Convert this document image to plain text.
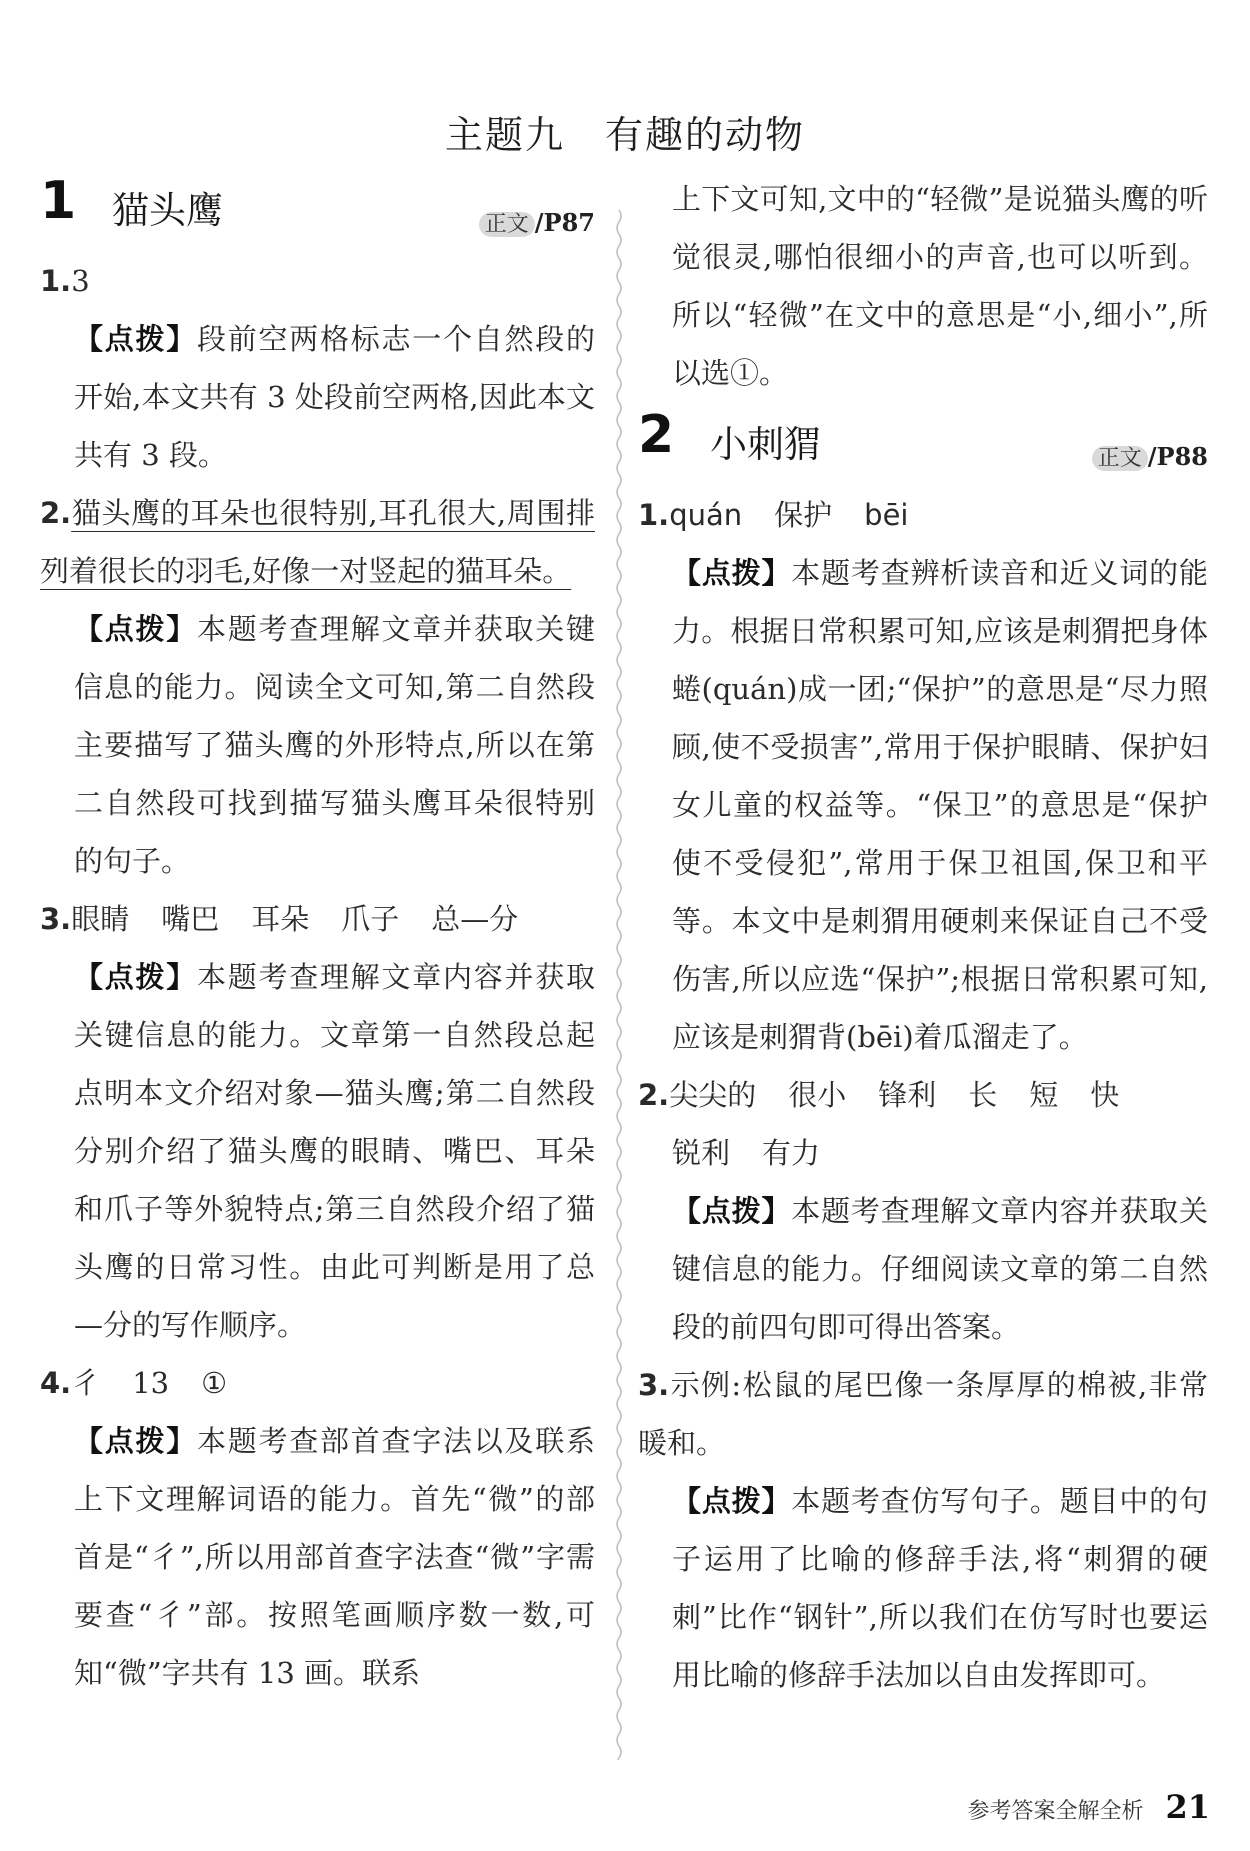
主题九 有趣的动物
1 猫头鹰	正文 /P87

1.3

【点拨】段前空两格标志一个自然段的开始,本文共有 3 处段前空两格,因此本文共有 3 段。

2.猫头鹰的耳朵也很特别,耳孔很大,周围排列着很长的羽毛,好像一对竖起的猫耳朵。

【点拨】本题考查理解文章并获取关键信息的能力。阅读全文可知,第二自然段主要描写了猫头鹰的外形特点,所以在第二自然段可找到描写猫头鹰耳朵很特别的句子。

3.眼睛 嘴巴 耳朵 爪子 总—分

【点拨】本题考查理解文章内容并获取关键信息的能力。文章第一自然段总起点明本文介绍对象—猫头鹰;第二自然段分别介绍了猫头鹰的眼睛、嘴巴、耳朵和爪子等外貌特点;第三自然段介绍了猫头鹰的日常习性。由此可判断是用了总—分的写作顺序。

4.彳 13 ①

【点拨】本题考查部首查字法以及联系上下文理解词语的能力。首先“微”的部首是“彳”,所以用部首查字法查“微”字需要查“彳”部。按照笔画顺序数一数,可知“微”字共有 13 画。联系

上下文可知,文中的“轻微”是说猫头鹰的听觉很灵,哪怕很细小的声音,也可以听到。所以“轻微”在文中的意思是“小,细小”,所以选①。

2 小刺猬	正文 /P88

1.quán 保护 bēi

【点拨】本题考查辨析读音和近义词的能力。根据日常积累可知,应该是刺猬把身体蜷(quán)成一团;“保护”的意思是“尽力照顾,使不受损害”,常用于保护眼睛、保护妇女儿童的权益等。“保卫”的意思是“保护使不受侵犯”,常用于保卫祖国,保卫和平等。本文中是刺猬用硬刺来保证自己不受伤害,所以应选“保护”;根据日常积累可知,应该是刺猬背(bēi)着瓜溜走了。

2.尖尖的 很小 锋利 长 短 快

锐利 有力

【点拨】本题考查理解文章内容并获取关键信息的能力。仔细阅读文章的第二自然段的前四句即可得出答案。

3.示例:松鼠的尾巴像一条厚厚的棉被,非常暖和。

【点拨】本题考查仿写句子。题目中的句子运用了比喻的修辞手法,将“刺猬的硬刺”比作“钢针”,所以我们在仿写时也要运用比喻的修辞手法加以自由发挥即可。

参考答案全解全析 21
